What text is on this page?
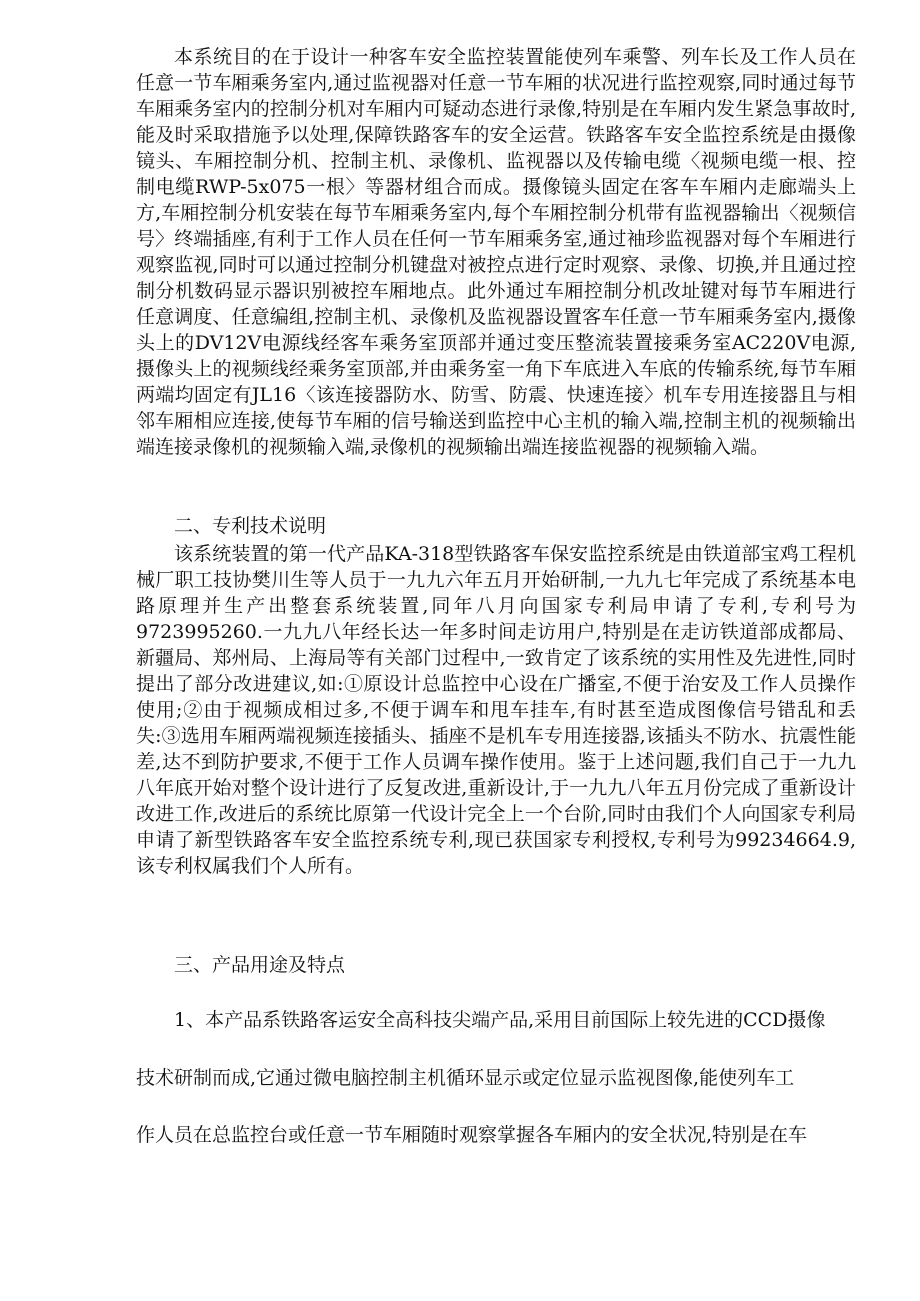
本系统目的在于设计一种客车安全监控装置能使列车乘警、列车长及工作人员在任意一节车厢乘务室内,通过监视器对任意一节车厢的状况进行监控观察,同时通过每节车厢乘务室内的控制分机对车厢内可疑动态进行录像,特别是在车厢内发生紧急事故时,能及时采取措施予以处理,保障铁路客车的安全运营。铁路客车安全监控系统是由摄像镜头、车厢控制分机、控制主机、录像机、监视器以及传输电缆〈视频电缆一根、控制电缆RWP-5x075一根〉等器材组合而成。摄像镜头固定在客车车厢内走廊端头上方,车厢控制分机安装在每节车厢乘务室内,每个车厢控制分机带有监视器输出〈视频信号〉终端插座,有利于工作人员在任何一节车厢乘务室,通过袖珍监视器对每个车厢进行观察监视,同时可以通过控制分机键盘对被控点进行定时观察、录像、切换,并且通过控制分机数码显示器识别被控车厢地点。此外通过车厢控制分机改址键对每节车厢进行任意调度、任意编组,控制主机、录像机及监视器设置客车任意一节车厢乘务室内,摄像头上的DV12V电源线经客车乘务室顶部并通过变压整流装置接乘务室AC220V电源,摄像头上的视频线经乘务室顶部,并由乘务室一角下车底进入车底的传输系统,每节车厢两端均固定有JL16〈该连接器防水、防雪、防震、快速连接〉机车专用连接器且与相邻车厢相应连接,使每节车厢的信号输送到监控中心主机的输入端,控制主机的视频输出端连接录像机的视频输入端,录像机的视频输出端连接监视器的视频输入端。

二、专利技术说明

该系统装置的第一代产品KA-318型铁路客车保安监控系统是由铁道部宝鸡工程机械厂职工技协樊川生等人员于一九九六年五月开始研制,一九九七年完成了系统基本电路原理并生产出整套系统装置,同年八月向国家专利局申请了专利,专利号为9723995260.一九九八年经长达一年多时间走访用户,特别是在走访铁道部成都局、新疆局、郑州局、上海局等有关部门过程中,一致肯定了该系统的实用性及先进性,同时提出了部分改进建议,如:①原设计总监控中心设在广播室,不便于治安及工作人员操作使用;②由于视频成相过多,不便于调车和甩车挂车,有时甚至造成图像信号错乱和丢失:③选用车厢两端视频连接插头、插座不是机车专用连接器,该插头不防水、抗震性能差,达不到防护要求,不便于工作人员调车操作使用。鉴于上述问题,我们自己于一九九八年底开始对整个设计进行了反复改进,重新设计,于一九九八年五月份完成了重新设计改进工作,改进后的系统比原第一代设计完全上一个台阶,同时由我们个人向国家专利局申请了新型铁路客车安全监控系统专利,现已获国家专利授权,专利号为99234664.9,该专利权属我们个人所有。

三、产品用途及特点

1、本产品系铁路客运安全高科技尖端产品,采用目前国际上较先进的CCD摄像

技术研制而成,它通过微电脑控制主机循环显示或定位显示监视图像,能使列车工

作人员在总监控台或任意一节车厢随时观察掌握各车厢内的安全状况,特别是在车
